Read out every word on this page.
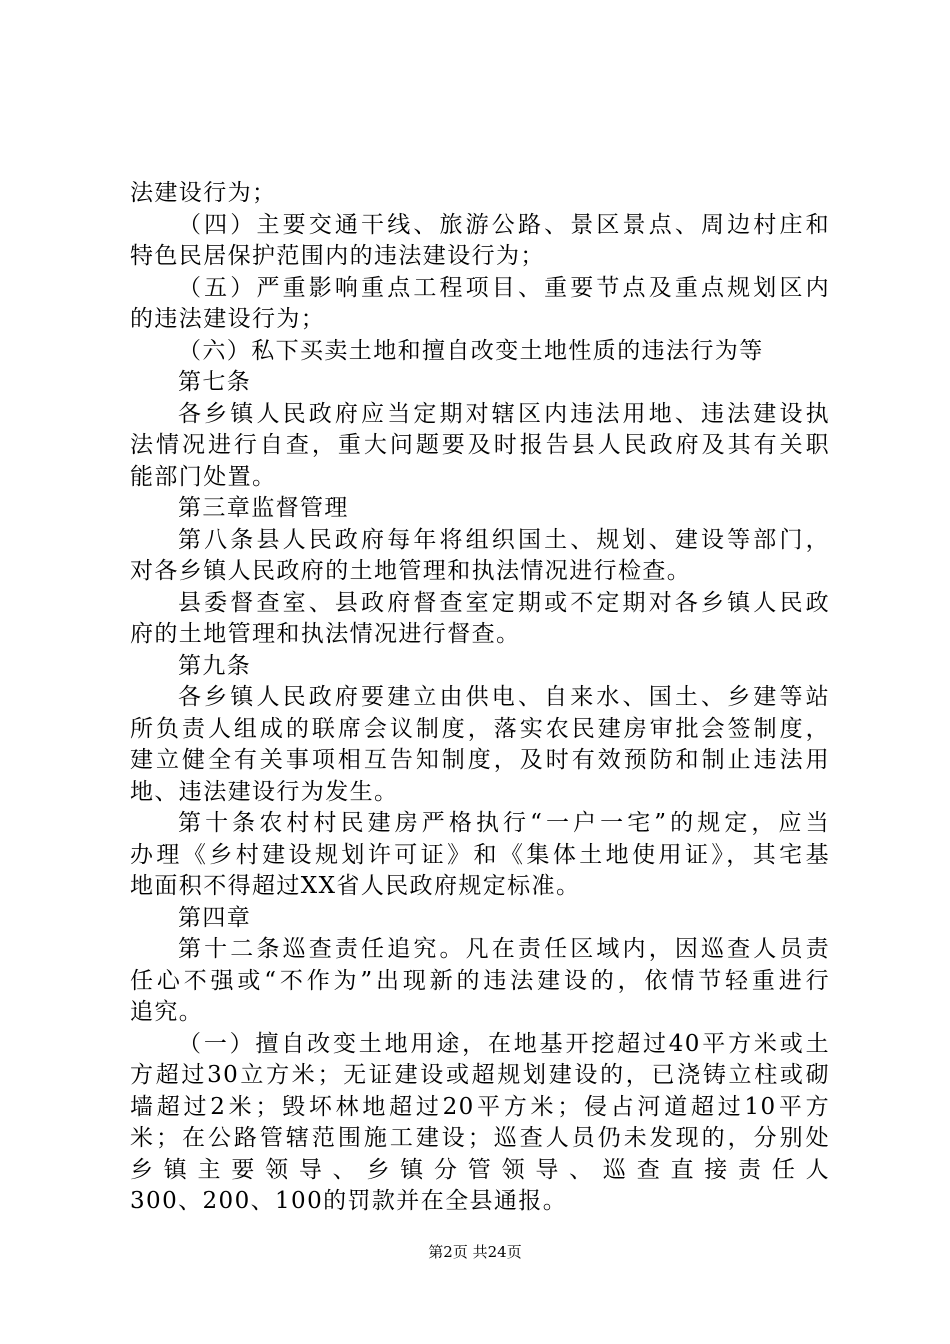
法建设行为；
（四）主要交通干线、旅游公路、景区景点、周边村庄和
特色民居保护范围内的违法建设行为；
（五）严重影响重点工程项目、重要节点及重点规划区内
的违法建设行为；
（六）私下买卖土地和擅自改变土地性质的违法行为等
第七条
各乡镇人民政府应当定期对辖区内违法用地、违法建设执
法情况进行自查，重大问题要及时报告县人民政府及其有关职
能部门处置。
第三章监督管理
第八条县人民政府每年将组织国土、规划、建设等部门，
对各乡镇人民政府的土地管理和执法情况进行检查。
县委督查室、县政府督查室定期或不定期对各乡镇人民政
府的土地管理和执法情况进行督查。
第九条
各乡镇人民政府要建立由供电、自来水、国土、乡建等站
所负责人组成的联席会议制度，落实农民建房审批会签制度，
建立健全有关事项相互告知制度，及时有效预防和制止违法用
地、违法建设行为发生。
第十条农村村民建房严格执行“一户一宅”的规定，应当
办理《乡村建设规划许可证》和《集体土地使用证》，其宅基
地面积不得超过XX省人民政府规定标准。
第四章
第十二条巡查责任追究。凡在责任区域内，因巡查人员责
任心不强或“不作为”出现新的违法建设的，依情节轻重进行
追究。
（一）擅自改变土地用途，在地基开挖超过40平方米或土
方超过30立方米；无证建设或超规划建设的，已浇铸立柱或砌
墙超过2米；毁坏林地超过20平方米；侵占河道超过10平方
米；在公路管辖范围施工建设；巡查人员仍未发现的，分别处
乡镇主要领导、乡镇分管领导、巡查直接责任人
300、200、100的罚款并在全县通报。
第2页 共24页
